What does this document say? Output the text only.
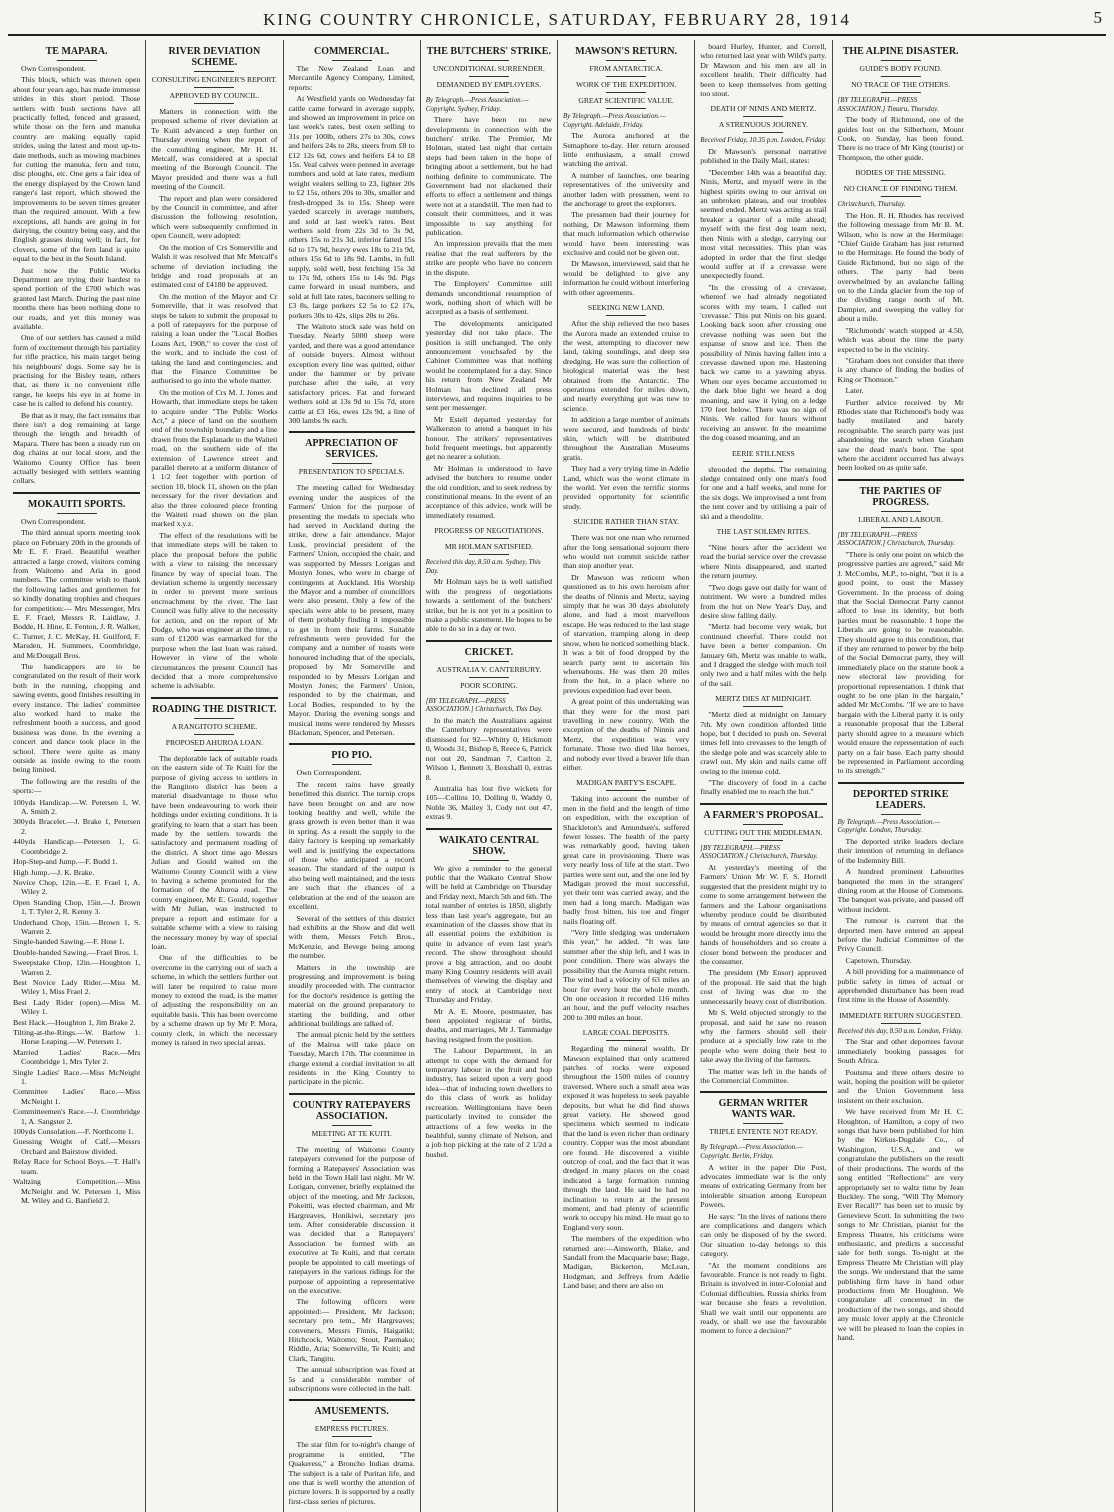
KING COUNTRY CHRONICLE, SATURDAY, FEBRUARY 28, 1914	5
TE MAPARA.

Own Correspondent.

This block, which was thrown open about four years ago, has made immense strides in this short period. Those settlers with bush sections have all practically felled, fenced and grassed, while those on the fern and manuka country are making equally rapid strides, using the latest and most up-to-date methods, such as mowing machines for cutting the manuka, fern and tutu, disc ploughs, etc. One gets a fair idea of the energy displayed by the Crown land ranger's last report, which showed the improvements to be seven times greater than the required amount. With a few exceptions, all hands are going in for dairying, the country being easy, and the English grasses doing well; in fact, for clovers, some of the fern land is quite equal to the best in the South Island.

Just now the Public Works Department are trying their hardest to spend portion of the £700 which was granted last March. During the past nine months there has been nothing done to our roads, and yet this money was available.

One of our settlers has caused a mild form of excitement through his partiality for rifle practice, his main target being his neighbours' dogs. Some say he is practising for the Bisley team, others that, as there is no convenient rifle range, he keeps his eye in at home in case he is called to defend his country.

Be that as it may, the fact remains that there isn't a dog remaining at large through the length and breadth of Mapara. There has been a steady run on dog chains at our local store, and the Waitomo County Office has been actually besieged with settlers wanting collars.

MOKAUITI SPORTS.

Own Correspondent.

The third annual sports meeting took place on February 20th in the grounds of Mr E. F. Frael. Beautiful weather attracted a large crowd, visitors coming from Waitomo and Aria in good numbers. The committee wish to thank the following ladies and gentlemen for so kindly donating trophies and cheques for competition:— Mrs Messenger, Mrs E. F. Frael, Messrs R. Laidlaw, J. Bodde, H. Hine, E. Fenton, J. R. Walker, C. Turner, J. C. McKay, H. Guilford, F. Marsden, H. Summers, Coombridge, and McDougall Bros.

The handicappers are to be congratulated on the result of their work both in the running, chopping and sawing events, good finishes resulting in every instance. The ladies' committee also worked hard to make the refreshment booth a success, and good business was done. In the evening a concert and dance took place in the school. There were quite as many outside as inside owing to the room being limited.

The following are the results of the sports:—

100yds Handicap.—W. Petersen 1, W. A. Smith 2.

300yds Bracelet.—J. Brake 1, Petersen 2.

440yds Handicap.—Petersen 1, G. Coombridge 2.

Hop-Step-and Jump.—F. Budd 1.

High Jump.—J. K. Brake.

Novice Chop, 12in.—E. F. Frael 1, A. Wiley 2.

Open Standing Chop, 15in.—J. Brown 1, T. Tyler 2, R. Kenny 3.

Underhand Chop, 15in.—Brown 1, S. Warren 2.

Single-handed Sawing.—F. Hose 1.

Double-handed Sawing.—Frael Bros. 1.

Sweepstake Chop, 12in.—Houghton 1, Warren 2.

Best Novice Lady Rider.—Miss M. Wiley 1, Miss Frael 2.

Best Lady Rider (open).—Miss M. Wiley 1.

Best Hack.—Houghton 1, Jim Brake 2.

Tilting-at-the-Rings.—W. Barlow 1. Horse Leaping.—W. Petersen 1.

Married Ladies' Race.—Mrs Coombridge 1, Mrs Tyler 2.

Single Ladies' Race.—Miss McNeight 1.

Committee Ladies' Race.—Miss McNeight 1.

Committeemen's Race.—J. Coombridge 1, A. Sangster 2.

100yds Consolation.—F. Northcotte 1.

Guessing Weight of Calf.—Messrs Orchard and Bairstow divided.

Relay Race for School Boys.—T. Hall's team.

Waltzing Competition.—Miss McNeight and W. Petersen 1, Miss M. Wiley and G. Banfield 2.

RIVER DEVIATION SCHEME.
CONSULTING ENGINEER'S REPORT.
APPROVED BY COUNCIL.

Matters in connection with the proposed scheme of river deviation at Te Kuiti advanced a step further on Thursday evening when the report of the consulting engineer, Mr H. H. Metcalf, was considered at a special meeting of the Borough Council. The Mayor presided and there was a full meeting of the Council.

The report and plan were considered by the Council in committee, and after discussion the following resolution, which were subsequently confirmed in open Council, were adopted:

On the motion of Crs Somerville and Walsh it was resolved that Mr Metcalf's scheme of deviation including the bridge and road proposals at an estimated cost of £4180 be approved.

On the motion of the Mayor and Cr Somerville, that it was resolved that steps be taken to submit the proposal to a poll of ratepayers for the purpose of raising a loan under the "Local Bodies Loans Act, 1908," to cover the cost of the work, and to include the cost of taking the land and contingencies, and that the Finance Committee be authorised to go into the whole matter.

On the motion of Crs M. J. Jones and Howarth, that immediate steps be taken to acquire under "The Public Works Act," a piece of land on the southern end of the township boundary and a line drawn from the Esplanade to the Waiteti road, on the southern side of the extension of Lawrence street and parallel thereto at a uniform distance of 1 1/2 feet together with portion of section 10, block 11, shown on the plan necessary for the river deviation and also the three coloured piece fronting the Waiteti road shown on the plan marked x.y.z.

The effect of the resolutions will be that immediate steps will be taken to place the proposal before the public with a view to raising the necessary finance by way of special loan. The deviation scheme is urgently necessary in order to prevent more serious encroachment by the river. The last Council was fully alive to the necessity for action, and on the report of Mr Dodge, who was engineer at the time, a sum of £1200 was earmarked for the purpose when the last loan was raised. However in view of the whole circumstances the present Council has decided that a more comprehensive scheme is advisable.

ROADING THE DISTRICT.
A RANGITOTO SCHEME.
PROPOSED AHUROA LOAN.

The deplorable lack of suitable roads on the eastern side of Te Kuiti for the purpose of giving access to settlers in the Rangitoto district has been a material disadvantage to those who have been endeavouring to work their holdings under existing conditions. It is gratifying to learn that a start has been made by the settlers towards the satisfactory and permanent roading of the district. A short time ago Messrs Julian and Gould waited on the Waitomo County Council with a view to having a scheme promoted for the formation of the Ahuroa road. The county engineer, Mr E. Gould, together with Mr Julian, was instructed to prepare a report and estimate for a suitable scheme with a view to raising the necessary money by way of special loan.

One of the difficulties to be overcome in the carrying out of such a scheme, in which the settlers further out will later be required to raise more money to extend the road, is the matter of adjusting the responsibility on an equitable basis. This has been overcome by a scheme drawn up by Mr P. Mora, county clerk, in which the necessary money is raised in two special areas.

COMMERCIAL.

The New Zealand Loan and Mercantile Agency Company, Limited, reports:

At Westfield yards on Wednesday fat cattle came forward in average supply, and showed an improvement in price on last week's rates, best oxen selling to 31s per 100lb, others 27s to 30s, cows and heifers 24s to 28s, steers from £8 to £12 12s 6d, cows and heifers £4 to £8 15s. Veal calves were penned in average numbers and sold at late rates, medium weight vealers selling to 23, lighter 20s to £2 15s, others 20s to 30s, smaller and fresh-dropped 3s to 15s. Sheep were yarded scarcely in average numbers, and sold at last week's rates. Best wethers sold from 22s 3d to 3s 9d, others 15s to 21s 3d, inferior fatted 15s 6d to 17s 9d, heavy ewes 18s to 21s 9d, others 15s 6d to 18s 9d. Lambs, in full supply, sold well, best fetching 15s 3d to 17s 9d, others 15s to 14s 9d. Pigs came forward in usual numbers, and sold at full late rates, baconers selling to £3 8s, large porkers £2 5s to £2 17s, porkers 30s to 42s, slips 20s to 26s.

The Waitoto stock sale was held on Tuesday. Nearly 5000 sheep were yarded, and there was a good attendance of outside buyers. Almost without exception every line was quitted, either under the hammer or by private purchase after the sale, at very satisfactory prices. Fat and forward wethers sold at 13s 9d to 15s 7d, store cattle at £3 16s, ewes 12s 9d, a line of 300 lambs 9s each.

APPRECIATION OF SERVICES.
PRESENTATION TO SPECIALS.

The meeting called for Wednesday evening under the auspices of the Farmers' Union for the purpose of presenting the medals to specials who had served in Auckland during the strike, drew a fair attendance. Major Lusk, provincial president of the Farmers' Union, occupied the chair, and was supported by Messrs Lorigan and Mostyn Jones, who were in charge of contingents at Auckland. His Worship the Mayor and a number of councillors were also present. Only a few of the specials were able to be present, many of them probably finding it impossible to get in from their farms. Suitable refreshments were provided for the company and a number of toasts were honoured including that of the specials, proposed by Mr Somerville and responded to by Messrs Lorigan and Mostyn Jones; the Farmers' Union, responded to by the chairman, and Local Bodies, responded to by the Mayor. During the evening songs and musical items were rendered by Messrs Blackman, Spencer, and Petersen.

PIO PIO.

Own Correspondent.

The recent rains have greatly benefitted this district. The turnip crops have been brought on and are now looking healthy and well, while the grass growth is even better than it was in spring. As a result the supply to the dairy factory is keeping up remarkably well and is justifying the expectations of those who anticipated a record season. The standard of the output is also being well maintained, and the tests are such that the chances of a celebration at the end of the season are excellent.

Several of the settlers of this district had exhibits at the Show and did well with them, Messrs Fetch Bros., McKenzie, and Bevege being among the number.

Matters in the township are progressing and improvement is being steadily proceeded with. The contractor for the doctor's residence is getting the material on the ground preparatory to starting the building, and other additional buildings are talked of.

The annual picnic held by the settlers of the Mairoa will take place on Tuesday, March 17th. The committee in charge extend a cordial invitation to all residents in the King Country to participate in the picnic.

COUNTRY RATEPAYERS ASSOCIATION.
MEETING AT TE KUITI.

The meeting of Waitomo County ratepayers convened for the purpose of forming a Ratepayers' Association was held in the Town Hall last night. Mr W. Lorigan, convener, briefly explained the object of the meeting, and Mr Jackson, Pokeitti, was elected chairman, and Mr Hargreaves, Honikiwi, secretary pro tem. After considerable discussion it was decided that a Ratepayers' Association be formed with an executive at Te Kuiti, and that certain people be appointed to call meetings of ratepayers in the various ridings for the purpose of appointing a representative on the executive.

The following officers were appointed:— President, Mr Jackson; secretary pro tem., Mr Hargreaves; conveners, Messrs Finnis, Haigatiki; Hitchcock, Waitomo; Stout, Paemako; Riddle, Aria; Somerville, Te Kuiti; and Clark, Tangitu.

The annual subscription was fixed at 5s and a considerable number of subscriptions were collected in the hall.

AMUSEMENTS.
EMPRESS PICTURES.

The star film for to-night's change of programme is entitled, "The Quakeress," a Broncho Indian drama. The subject is a tale of Puritan life, and one that is well worthy the attention of picture lovers. It is supported by a really first-class series of pictures.

THE BUTCHERS' STRIKE.
UNCONDITIONAL SURRENDER.
DEMANDED BY EMPLOYERS.
By Telegraph.—Press Association.—Copyright. Sydney, Friday.

There have been no new developments in connection with the butchers' strike. The Premier, Mr Holman, stated last night that certain steps had been taken in the hope of bringing about a settlement, but he had nothing definite to communicate. The Government had not slackened their efforts to effect a settlement and things were not at a standstill. The men had to consult their committees, and it was impossible to say anything for publication.

An impression prevails that the men realise that the real sufferers by the strike are people who have no concern in the dispute.

The Employers' Committee still demands unconditional resumption of work, nothing short of which will be accepted as a basis of settlement.

The developments anticipated yesterday did not take place. The position is still unchanged. The only announcement vouchsafed by the Cabinet Committee was that nothing would be contemplated for a day. Since his return from New Zealand Mr Holman has declined all press interviews, and requires inquiries to be sent per messenger.

Mr Estell departed yesterday for Walkerston to attend a banquet in his honour. The strikers' representatives hold frequent meetings, but apparently get no nearer a solution.

Mr Holman is understood to have advised the butchers to resume under the old condition, and to seek redress by constitutional means. In the event of an acceptance of this advice, work will be immediately resumed.

PROGRESS OF NEGOTIATIONS.
MR HOLMAN SATISFIED.
Received this day, 8.50 a.m. Sydney, This Day.

Mr Holman says he is well satisfied with the progress of negotiations towards a settlement of the butchers' strike, but he is not yet in a position to make a public statement. He hopes to be able to do so in a day or two.

CRICKET.
AUSTRALIA V. CANTERBURY.
POOR SCORING.
[BY TELEGRAPH.—PRESS ASSOCIATION.] Christchurch, This Day.

In the match the Australians against the Canterbury representatives were dismissed for 92—Whitty 0, Hickmott 0, Woods 31, Bishop 8, Reece 6, Patrick not out 20, Sandman 7, Carlton 2, Wilson 1, Bennett 3, Boxshall 0, extras 8.

Australia has lost five wickets for 105—Collins 10, Dolling 0, Waddy 0, Noble 36, Mailey 3, Cody not out 47, extras 9.

WAIKATO CENTRAL SHOW.

We give a reminder to the general public that the Waikato Central Show will be held at Cambridge on Thursday and Friday next, March 5th and 6th. The total number of entries is 1850, slightly less than last year's aggregate, but an examination of the classes show that in all essential points the exhibition is quite in advance of even last year's record. The show throughout should prove a big attraction, and no doubt many King Country residents will avail themselves of viewing the display and entry of stock at Cambridge next Thursday and Friday.

Mr A. E. Moore, postmaster, has been appointed registrar of births, deaths, and marriages, Mr J. Tammadge having resigned from the position.

The Labour Department, in an attempt to cope with the demand for temporary labour in the fruit and hop industry, has seized upon a very good idea—that of inducing town dwellers to do this class of work as holiday recreation. Wellingtonians have been particularly invited to consider the attractions of a few weeks in the healthful, sunny climate of Nelson, and a job hop picking at the rate of 2 1/2d a bushel.

MAWSON'S RETURN.
FROM ANTARCTICA.
WORK OF THE EXPEDITION.
GREAT SCIENTIFIC VALUE.
By Telegraph.—Press Association.—Copyright. Adelaide, Friday.

The Aurora anchored at the Semaphore to-day. Her return aroused little enthusiasm, a small crowd watching the arrival.

A number of launches, one bearing representatives of the university and another laden with pressmen, went to the anchorage to greet the explorers.

The pressmen had their journey for nothing, Dr Mawson informing them that much information which otherwise would have been interesting was exclusive and could not be given out.

Dr Mawson, interviewed, said that he would be delighted to give any information he could without interfering with other agreements.

SEEKING NEW LAND.

After the ship relieved the two bases the Aurora made an extended cruise to the west, attempting to discover new land, taking soundings, and deep sea dredging. He was sure the collection of biological material was the best obtained from the Antarctic. The operations extended for miles down, and nearly everything got was new to science.

In addition a large number of animals were secured, and hundreds of birds' skin, which will be distributed throughout the Australian Museums gratis.

They had a very trying time in Adelie Land, which was the worst climate in the world. Yet even the terrific storms provided opportunity for scientific study.

SUICIDE RATHER THAN STAY.

There was not one man who returned after the long sensational sojourn there who would not commit suicide rather than stop another year.

Dr Mawson was reticent when questioned as to his own heroism after the deaths of Ninnis and Mertz, saying simply that he was 30 days absolutely alone, and had a most marvellous escape. He was reduced to the last stage of starvation, tramping along in deep snow, when he noticed something black. It was a bit of food dropped by the search party sent to ascertain his whereabouts. He was then 20 miles from the hut, in a place where no previous expedition had ever been.

A great point of this undertaking was that they were for the most part travelling in new country. With the exception of the deaths of Ninnis and Mertz, the expedition was very fortunate. Those two died like heroes, and nobody ever lived a braver life than either.

MADIGAN PARTY'S ESCAPE.

Taking into account the number of men in the field and the length of time on expedition, with the exception of Shackleton's and Amundsen's, suffered fewer losses. The health of the party was remarkably good, having taken great care in provisioning. There was very nearly loss of life at the start. Two parties were sent out, and the one led by Madigan proved the most successful, yet their tent was carried away, and the men had a long march. Madigan was badly frost bitten, his toe and finger nails floating off.

"Very little sledging was undertaken this year," he added. "It was late summer after the ship left, and I was in poor condition. There was always the possibility that the Aurora might return. The wind had a velocity of 63 miles an hour for every hour the whole month. On one occasion it recorded 116 miles an hour, and the puff velocity reaches 200 to 300 miles an hour.

LARGE COAL DEPOSITS.

Regarding the mineral wealth, Dr Mawson explained that only scattered patches of rocks were exposed throughout the 1500 miles of country traversed. Where such a small area was exposed it was hopeless to seek payable deposits, but what he did find shows great variety. He showed good specimens which seemed to indicate that the land is even richer than ordinary country. Copper was the most abundant ore found. He discovered a visible outcrop of coal, and the fact that it was dredged in many places on the coast indicated a large formation running through the land. He said he had no inclination to return at the present moment, and had plenty of scientific work to occupy his mind. He must go to England very soon.

The members of the expedition who returned are:—Ainsworth, Blake, and Sandall from the Macquarie base; Bage, Madigan, Bickerton, McLean, Hodgman, and Jeffreys from Adelie Land base; and there are also on

board Hurley, Hunter, and Correll, who returned last year with Wild's party. Dr Mawson and his men are all in excellent health. Their difficulty had been to keep themselves from getting too stout.

DEATH OF NINIS AND MERTZ.
A STRENUOUS JOURNEY.
Received Friday, 10.35 p.m. London, Friday.

Dr Mawson's personal narrative published in the Daily Mail, states:

"December 14th was a beautiful day. Ninis, Mertz, and myself were in the highest spirits owing to our arrival on an unbroken plateau, and our troubles seemed ended. Mertz was acting as trail breaker a quarter of a mile ahead; myself with the first dog team next, then Ninis with a sledge, carrying our most vital necessities. This plan was adopted in order that the first sledge would suffer at if a crevasse were unexpectedly found.

"In the crossing of a crevasse, whereof we had already negotiated scores with my team, I called out 'crevasse.' This put Ninis on his guard. Looking back soon after crossing one crevasse nothing was seen but the expanse of snow and ice. Then the possibility of Ninis having fallen into a crevasse dawned upon me. Hastening back we came to a yawning abyss. When our eyes became accustomed to the dark blue light we heard a dog moaning, and saw it lying on a ledge 170 feet below. There was no sign of Ninis. We called for hours without receiving an answer. In the meantime the dog ceased moaning, and an

EERIE STILLNESS

shrouded the depths. The remaining sledge contained only one man's food for one and a half weeks, and none for the six dogs. We improvised a tent from the tent cover and by utilising a pair of ski and a theodolite.

THE LAST SOLEMN RITES.

"Nine hours after the accident we read the burial service over the crevasse where Ninis disappeared, and started the return journey.

"Two dogs gave out daily for want of nutriment. We were a hundred miles from the hut on New Year's Day, and desire slow falling daily.

"Mertz had become very weak, but continued cheerful. There could not have been a better companion. On January 6th, Mertz was unable to walk, and I dragged the sledge with much toil only two and a half miles with the help of the sail.

MERTZ DIES AT MIDNIGHT.

"Mertz died at midnight on January 7th. My own condition afforded little hope, but I decided to push on. Several times fell into crevasses to the length of the sledge pole and was scarcely able to crawl out. My skin and nails came off owing to the intense cold.

"The discovery of food in a cache finally enabled me to reach the hut."

A FARMER'S PROPOSAL.
CUTTING OUT THE MIDDLEMAN.
[BY TELEGRAPH.—PRESS ASSOCIATION.] Christchurch, Thursday.

At yesterday's meeting of the Farmers' Union Mr W. F. S. Horrell suggested that the president might try to come to some arrangement between the farmers and the Labour organisations whereby produce could be distributed by means of central agencies so that it would be brought more directly into the hands of householders and so create a closer bond between the producer and the consumer.

The president (Mr Ensor) approved of the proposal. He said that the high cost of living was due to the unnecessarily heavy cost of distribution.

Mr S. Weld objected strongly to the proposal, and said he saw no reason why the farmers should sell their produce at a specially low rate to the people who were doing their best to take away the living of the farmers.

The matter was left in the hands of the Commercial Committee.

GERMAN WRITER WANTS WAR.
TRIPLE ENTENTE NOT READY.
By Telegraph.—Press Association.—Copyright. Berlin, Friday.

A writer in the paper Die Post, advocates immediate war is the only means of extricating Germany from her intolerable situation among European Powers.

He says: "In the lives of nations there are complications and dangers which can only be disposed of by the sword. Our situation to-day belongs to this category.

"At the moment conditions are favourable. France is not ready to fight. Britain is involved in inter-Colonial and Colonial difficulties. Russia shirks from war because she fears a revolution. Shall we wait until our opponents are ready, or shall we use the favourable moment to force a decision?"

THE ALPINE DISASTER.
GUIDE'S BODY FOUND.
NO TRACE OF THE OTHERS.
[BY TELEGRAPH.—PRESS ASSOCIATION.] Timaru, Thursday.

The body of Richmond, one of the guides lost on the Silberhorn, Mount Cook, on Sunday, has been found. There is no trace of Mr King (tourist) or Thompson, the other guide.

BODIES OF THE MISSING.
NO CHANCE OF FINDING THEM.
Christchurch, Thursday.

The Hon. R. H. Rhodes has received the following message from Mr B. M. Wilson, who is now at the Hermitage: "Chief Guide Graham has just returned to the Hermitage. He found the body of Guide Richmond, but no sign of the others. The party had been overwhelmed by an avalanche falling on to the Linda glacier from the top of the dividing range north of Mt. Dampier, and sweeping the valley for about a mile.

"Richmonds' watch stopped at 4.50, which was about the time the party expected to be in the vicinity.

"Graham does not consider that there is any chance of finding the bodies of King or Thomson."

Later.

Further advice received by Mr Rhodes state that Richmond's body was badly mutilated and barely recognisable. The search party was just abandoning the search when Graham saw the dead man's boot. The spot where the accident occurred has always been looked on as quite safe.

THE PARTIES OF PROGRESS.
LIBERAL AND LABOUR.
[BY TELEGRAPH.—PRESS ASSOCIATION.] Christchurch, Thursday.

"There is only one point on which the progressive parties are agreed," said Mr J. McCombs, M.P., to-night, "but it is a good point, to oust the Massey Government. In the process of doing that the Social Democrat Party cannot afford to lose its identity, but both parties must be reasonable. I hope the Liberals are going to be reasonable. They should agree to this condition, that if they are returned to power by the help of the Social Democrat party, they will immediately place on the statute book a new electoral law providing for proportional representation. I think that ought to be one plan in the bargain," added Mr McCombs. "If we are to have bargain with the Liberal party it is only a reasonable proposal that the Liberal party should agree to a measure which would ensure the representation of each party on a fair base. Each party should be represented in Parliament according to its strength."

DEPORTED STRIKE LEADERS.
By Telegraph.—Press Association.—Copyright. London, Thursday.

The deported strike leaders declare their intention of returning in defiance of the Indemnity Bill.

A hundred prominent Labourites banqueted the men in the strangers' dining room at the House of Commons. The banquet was private, and passed off without incident.

The rumour is current that the deported men have entered an appeal before the Judicial Committee of the Privy Council.

Capetown, Thursday.

A bill providing for a maintenance of public safety in times of actual or apprehended disturbance has been read first time in the House of Assembly.

IMMEDIATE RETURN SUGGESTED.
Received this day, 8.50 a.m. London, Friday.

The Star and other deportees favour immediately booking passages for South Africa.

Poutsma and three others desire to wait, hoping the position will be quieter and the Union Government less insistent on their exclusion.

We have received from Mr H. C. Houghton, of Hamilton, a copy of two songs that have been published for him by the Kirkus-Dugdale Co., of Washington, U.S.A., and we congratulate the publishers on the result of their productions. The words of the song entitled "Reflections" are very appropriately set to waltz time by Jean Buckley. The song, "Will Thy Memory Ever Recall?" has been set to music by Genevieve Scott. In submitting the two songs to Mr Christian, pianist for the Empress Theatre, his criticisms were enthusiastic, and predicts a successful sale for both songs. To-night at the Empress Theatre Mr Christian will play the songs. We understand that the same publishing firm have in hand other productions from Mr Houghton. We congratulate all concerned in the production of the two songs, and should any music lover apply at the Chronicle we will be pleased to loan the copies in hand.
